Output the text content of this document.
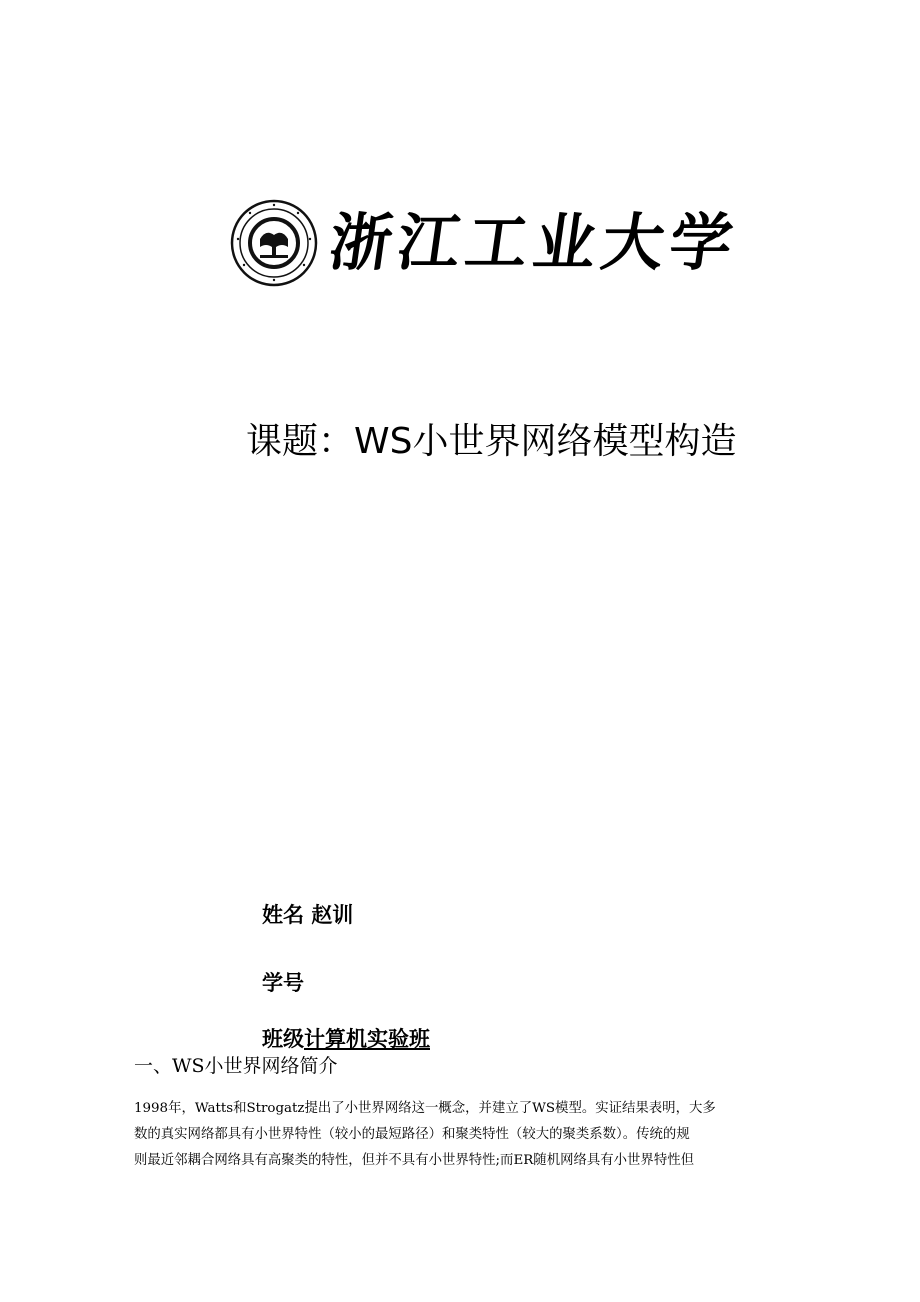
浙江工业大学
课题：WS小世界网络模型构造
姓名 赵训
学号
班级计算机实验班
一、WS小世界网络简介
1998年，Watts和Strogatz提出了小世界网络这一概念，并建立了WS模型。实证结果表明，大多
数的真实网络都具有小世界特性（较小的最短路径）和聚类特性（较大的聚类系数）。传统的规
则最近邻耦合网络具有高聚类的特性，但并不具有小世界特性;而ER随机网络具有小世界特性但
